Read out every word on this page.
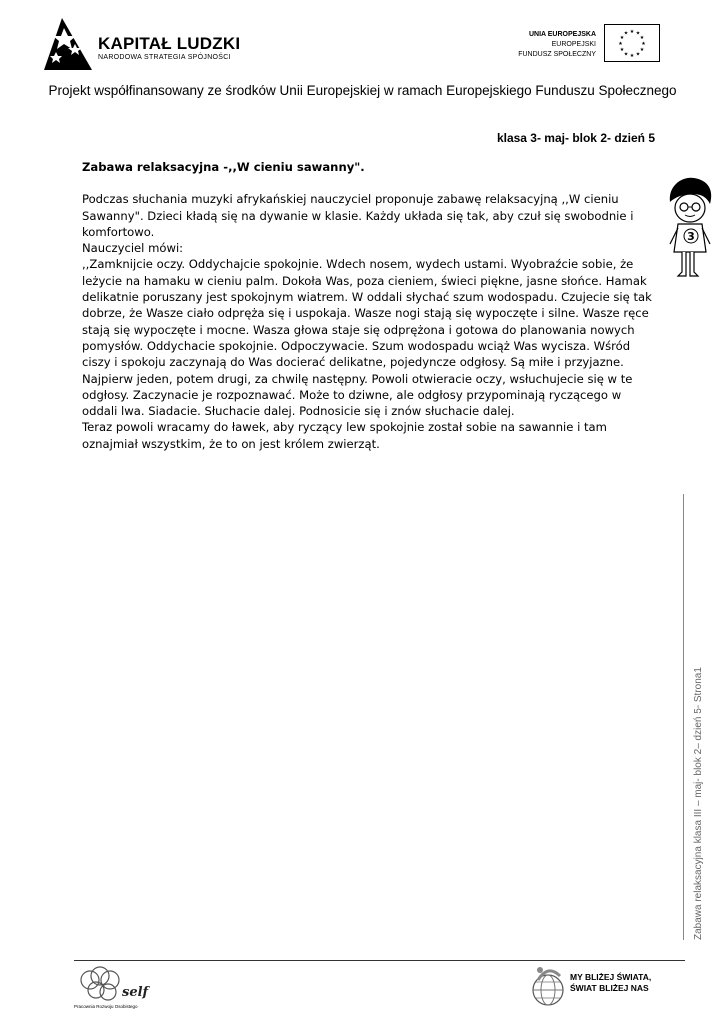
KAPITAŁ LUDZKI
NARODOWA STRATEGIA SPÓJNOŚCI
UNIA EUROPEJSKA
EUROPEJSKI
FUNDUSZ SPOŁECZNY
★ ★
★
★
★
★
★
★
★
★
★
★
Projekt współfinansowany ze środków Unii Europejskiej w ramach Europejskiego Funduszu Społecznego
klasa 3- maj- blok 2- dzień 5
Zabawa relaksacyjna -,,W cieniu sawanny".

Podczas słuchania muzyki afrykańskiej nauczyciel proponuje zabawę relaksacyjną ,,W cieniu Sawanny". Dzieci kładą się na dywanie w klasie. Każdy układa się tak, aby czuł się swobodnie i komfortowo.

Nauczyciel mówi:

,,Zamknijcie oczy. Oddychajcie spokojnie. Wdech nosem, wydech ustami. Wyobraźcie sobie, że leżycie na hamaku w cieniu palm. Dokoła Was, poza cieniem, świeci piękne, jasne słońce. Hamak delikatnie poruszany jest spokojnym wiatrem. W oddali słychać szum wodospadu. Czujecie się tak dobrze, że Wasze ciało odpręża się i uspokaja. Wasze nogi stają się wypoczęte i silne. Wasze ręce stają się wypoczęte i mocne. Wasza głowa staje się odprężona i gotowa do planowania nowych pomysłów. Oddychacie spokojnie. Odpoczywacie. Szum wodospadu wciąż Was wycisza. Wśród ciszy i spokoju zaczynają do Was docierać delikatne, pojedyncze odgłosy. Są miłe i przyjazne. Najpierw jeden, potem drugi, za chwilę następny. Powoli otwieracie oczy, wsłuchujecie się w te odgłosy. Zaczynacie je rozpoznawać. Może to dziwne, ale odgłosy przypominają ryczącego w oddali lwa. Siadacie. Słuchacie dalej. Podnosicie się i znów słuchacie dalej.

Teraz powoli wracamy do ławek, aby ryczący lew spokojnie został sobie na sawannie i tam oznajmiał wszystkim, że to on jest królem zwierząt.

3
Zabawa relaksacyjna klasa III – maj- blok 2– dzień 5- Strona1
self
Pracownia Rozwoju Osobistego
MY BLIŻEJ ŚWIATA,
ŚWIAT BLIŻEJ NAS
